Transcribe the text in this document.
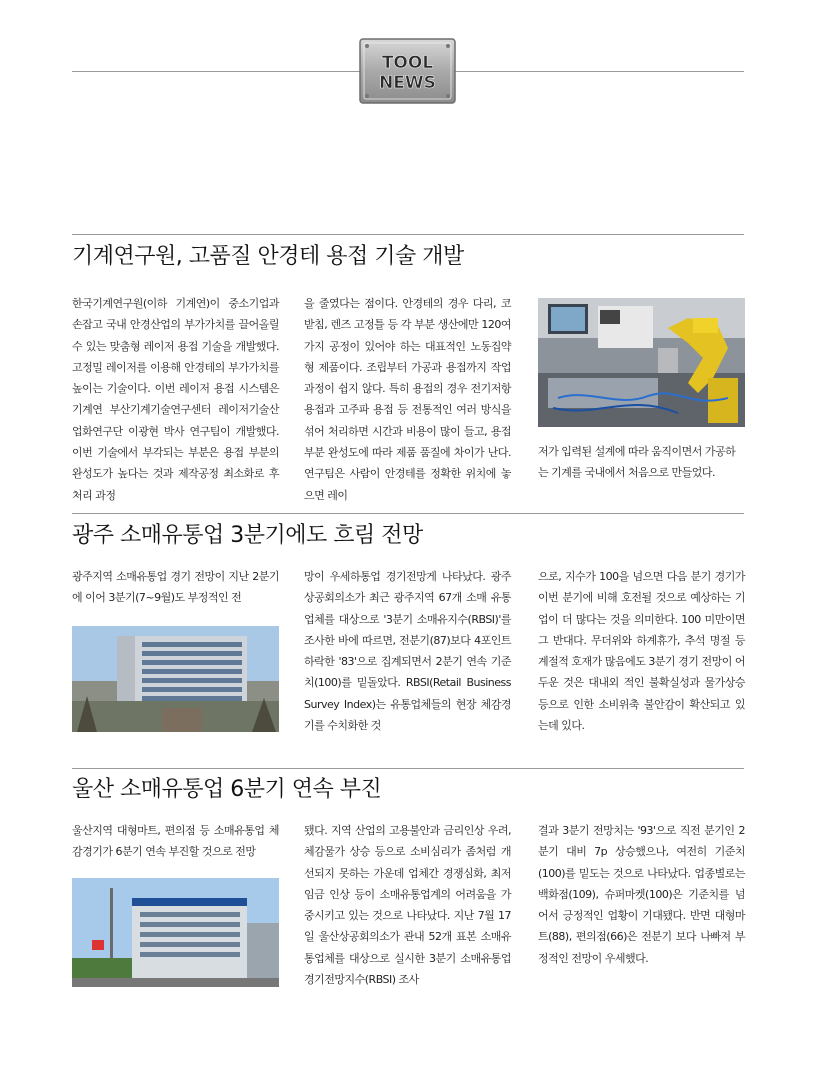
TOOL
NEWS
기계연구원, 고품질 안경테 용접 기술 개발

한국기계연구원(이하 기계연)이 중소기업과 손잡고 국내 안경산업의 부가가치를 끌어올릴 수 있는 맞춤형 레이저 용접 기술을 개발했다. 고정밀 레이저를 이용해 안경테의 부가가치를 높이는 기술이다. 이번 레이저 용접 시스템은 기계연 부산기계기술연구센터 레이저기술산업화연구단 이광현 박사 연구팀이 개발했다. 이번 기술에서 부각되는 부분은 용접 부분의 완성도가 높다는 것과 제작공정 최소화로 후처리 과정

을 줄였다는 점이다. 안경테의 경우 다리, 코 받침, 렌즈 고정틀 등 각 부분 생산에만 120여 가지 공정이 있어야 하는 대표적인 노동집약형 제품이다. 조립부터 가공과 용접까지 작업 과정이 쉽지 않다. 특히 용접의 경우 전기저항 용접과 고주파 용접 등 전통적인 여러 방식을 섞어 처리하면 시간과 비용이 많이 들고, 용접 부분 완성도에 따라 제품 품질에 차이가 난다. 연구팀은 사람이 안경테를 정확한 위치에 놓으면 레이

저가 입력된 설계에 따라 움직이면서 가공하는 기계를 국내에서 처음으로 만들었다.
광주 소매유통업 3분기에도 흐림 전망

광주지역 소매유통업 경기 전망이 지난 2분기에 이어 3분기(7~9월)도 부정적인 전

망이 우세하통업 경기전망게 나타났다. 광주상공회의소가 최근 광주지역 67개 소매 유통업체를 대상으로 '3분기 소매유지수(RBSI)'를 조사한 바에 따르면, 전분기(87)보다 4포인트 하락한 '83'으로 집계되면서 2분기 연속 기준치(100)를 밑돌았다. RBSI(Retail Business Survey Index)는 유통업체들의 현장 체감경기를 수치화한 것

으로, 지수가 100을 넘으면 다음 분기 경기가 이번 분기에 비해 호전될 것으로 예상하는 기업이 더 많다는 것을 의미한다. 100 미만이면 그 반대다. 무더위와 하계휴가, 추석 명절 등 계절적 호재가 많음에도 3분기 경기 전망이 어두운 것은 대내외 적인 불확실성과 물가상승 등으로 인한 소비위축 불안감이 확산되고 있는데 있다.

울산 소매유통업 6분기 연속 부진

울산지역 대형마트, 편의점 등 소매유통업 체감경기가 6분기 연속 부진할 것으로 전망

됐다. 지역 산업의 고용불안과 금리인상 우려, 체감물가 상승 등으로 소비심리가 좀처럼 개선되지 못하는 가운데 업체간 경쟁심화, 최저임금 인상 등이 소매유통업계의 어려움을 가중시키고 있는 것으로 나타났다. 지난 7월 17일 울산상공회의소가 관내 52개 표본 소매유통업체를 대상으로 실시한 3분기 소매유통업 경기전망지수(RBSI) 조사

결과 3분기 전망치는 '93'으로 직전 분기인 2분기 대비 7p 상승했으나, 여전히 기준치(100)를 밑도는 것으로 나타났다. 업종별로는 백화점(109), 슈퍼마켓(100)은 기준치를 넘어서 긍정적인 업황이 기대됐다. 반면 대형마트(88), 편의점(66)은 전분기 보다 나빠져 부정적인 전망이 우세했다.
